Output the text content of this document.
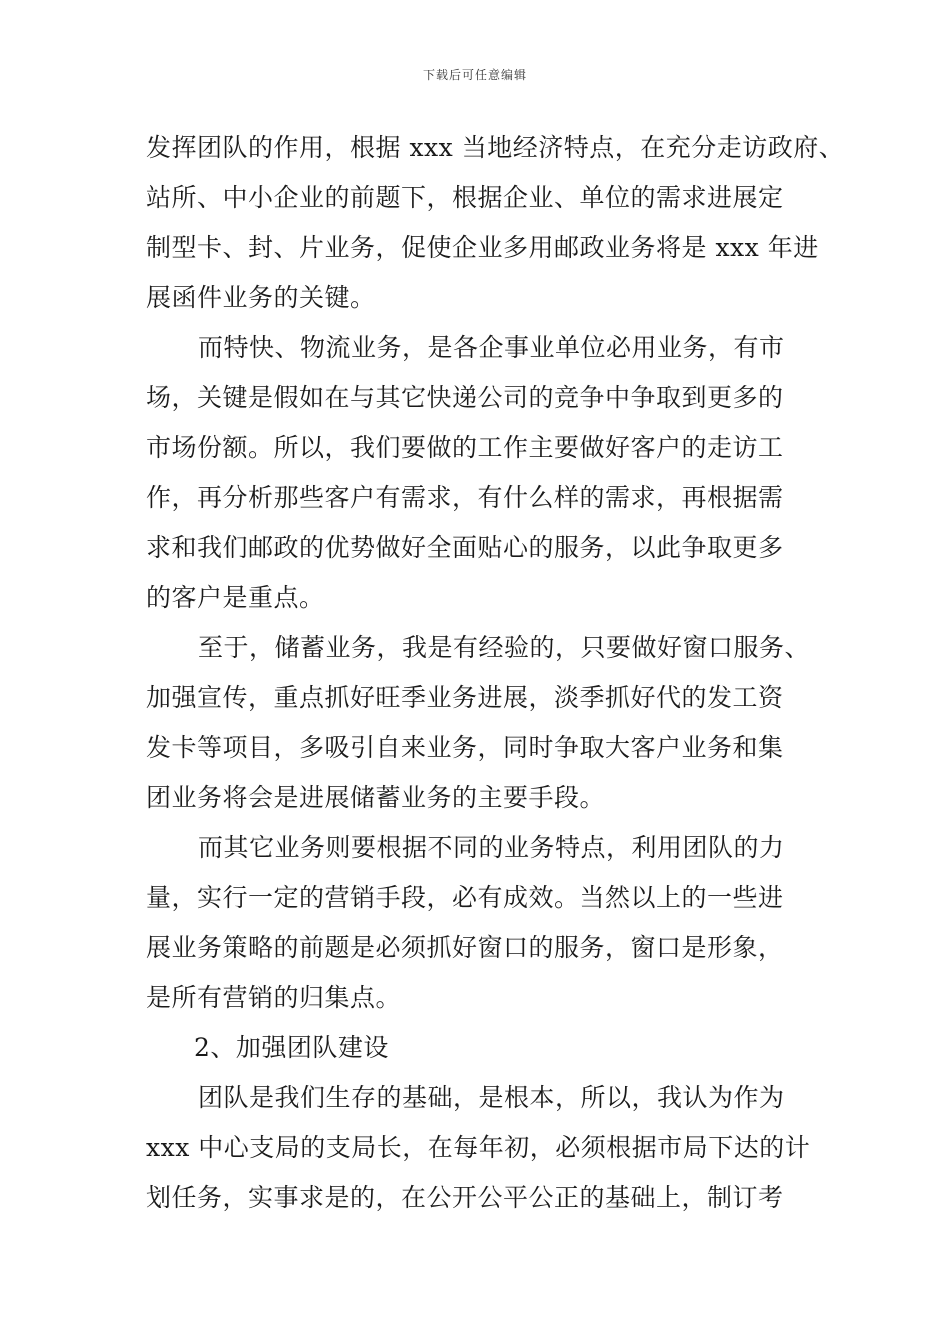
下载后可任意编辑
发挥团队的作用，根据 xxx 当地经济特点，在充分走访政府、
站所、中小企业的前题下，根据企业、单位的需求进展定
制型卡、封、片业务，促使企业多用邮政业务将是 xxx 年进
展函件业务的关键。
而特快、物流业务，是各企事业单位必用业务，有市
场，关键是假如在与其它快递公司的竞争中争取到更多的
市场份额。所以，我们要做的工作主要做好客户的走访工
作，再分析那些客户有需求，有什么样的需求，再根据需
求和我们邮政的优势做好全面贴心的服务，以此争取更多
的客户是重点。
至于，储蓄业务，我是有经验的，只要做好窗口服务、
加强宣传，重点抓好旺季业务进展，淡季抓好代的发工资
发卡等项目，多吸引自来业务，同时争取大客户业务和集
团业务将会是进展储蓄业务的主要手段。
而其它业务则要根据不同的业务特点，利用团队的力
量，实行一定的营销手段，必有成效。当然以上的一些进
展业务策略的前题是必须抓好窗口的服务，窗口是形象，
是所有营销的归集点。
2、加强团队建设
团队是我们生存的基础，是根本，所以，我认为作为
xxx 中心支局的支局长，在每年初，必须根据市局下达的计
划任务，实事求是的，在公开公平公正的基础上，制订考
